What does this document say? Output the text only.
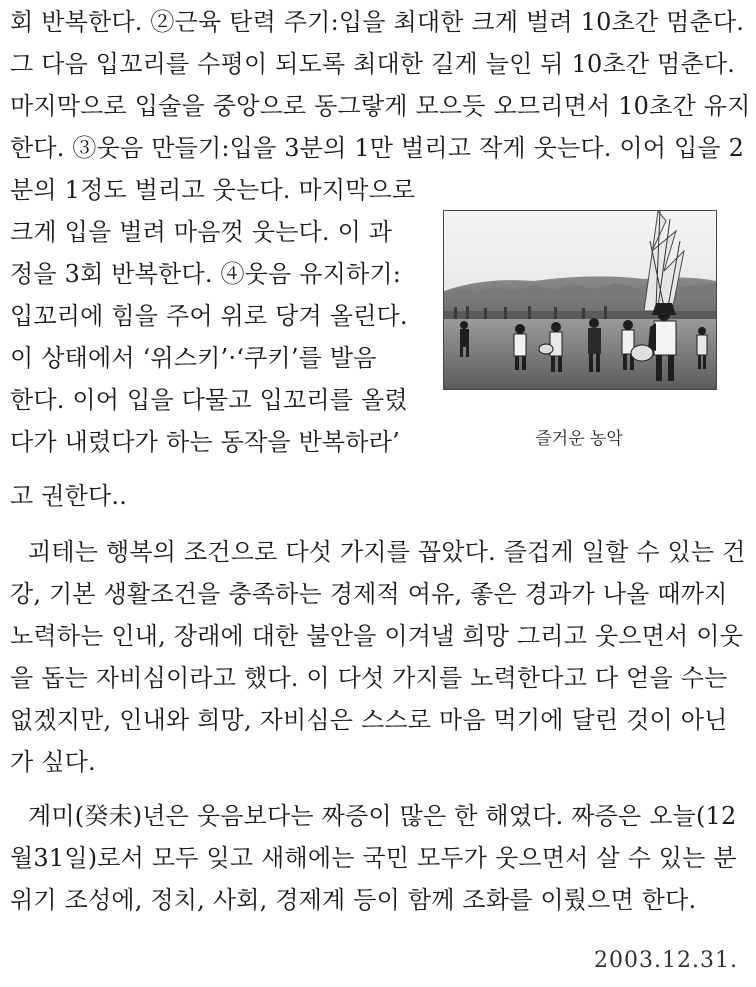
회 반복한다. ②근육 탄력 주기:입을 최대한 크게 벌려 10초간 멈춘다.
그 다음 입꼬리를 수평이 되도록 최대한 길게 늘인 뒤 10초간 멈춘다.
마지막으로 입술을 중앙으로 동그랗게 모으듯 오므리면서 10초간 유지
한다. ③웃음 만들기:입을 3분의 1만 벌리고 작게 웃는다. 이어 입을 2
분의 1정도 벌리고 웃는다. 마지막으로
크게 입을 벌려 마음껏 웃는다. 이 과
정을 3회 반복한다. ④웃음 유지하기:
입꼬리에 힘을 주어 위로 당겨 올린다.
이 상태에서 ‘위스키’·‘쿠키’를 발음
한다. 이어 입을 다물고 입꼬리를 올렸
다가 내렸다가 하는 동작을 반복하라’
고 권한다..
즐거운 농악
괴테는 행복의 조건으로 다섯 가지를 꼽았다. 즐겁게 일할 수 있는 건
강, 기본 생활조건을 충족하는 경제적 여유, 좋은 경과가 나올 때까지
노력하는 인내, 장래에 대한 불안을 이겨낼 희망 그리고 웃으면서 이웃
을 돕는 자비심이라고 했다. 이 다섯 가지를 노력한다고 다 얻을 수는
없겠지만, 인내와 희망, 자비심은 스스로 마음 먹기에 달린 것이 아닌
가 싶다.
계미(癸未)년은 웃음보다는 짜증이 많은 한 해였다. 짜증은 오늘(12
월31일)로서 모두 잊고 새해에는 국민 모두가 웃으면서 살 수 있는 분
위기 조성에, 정치, 사회, 경제계 등이 함께 조화를 이뤘으면 한다.
2003.12.31.
